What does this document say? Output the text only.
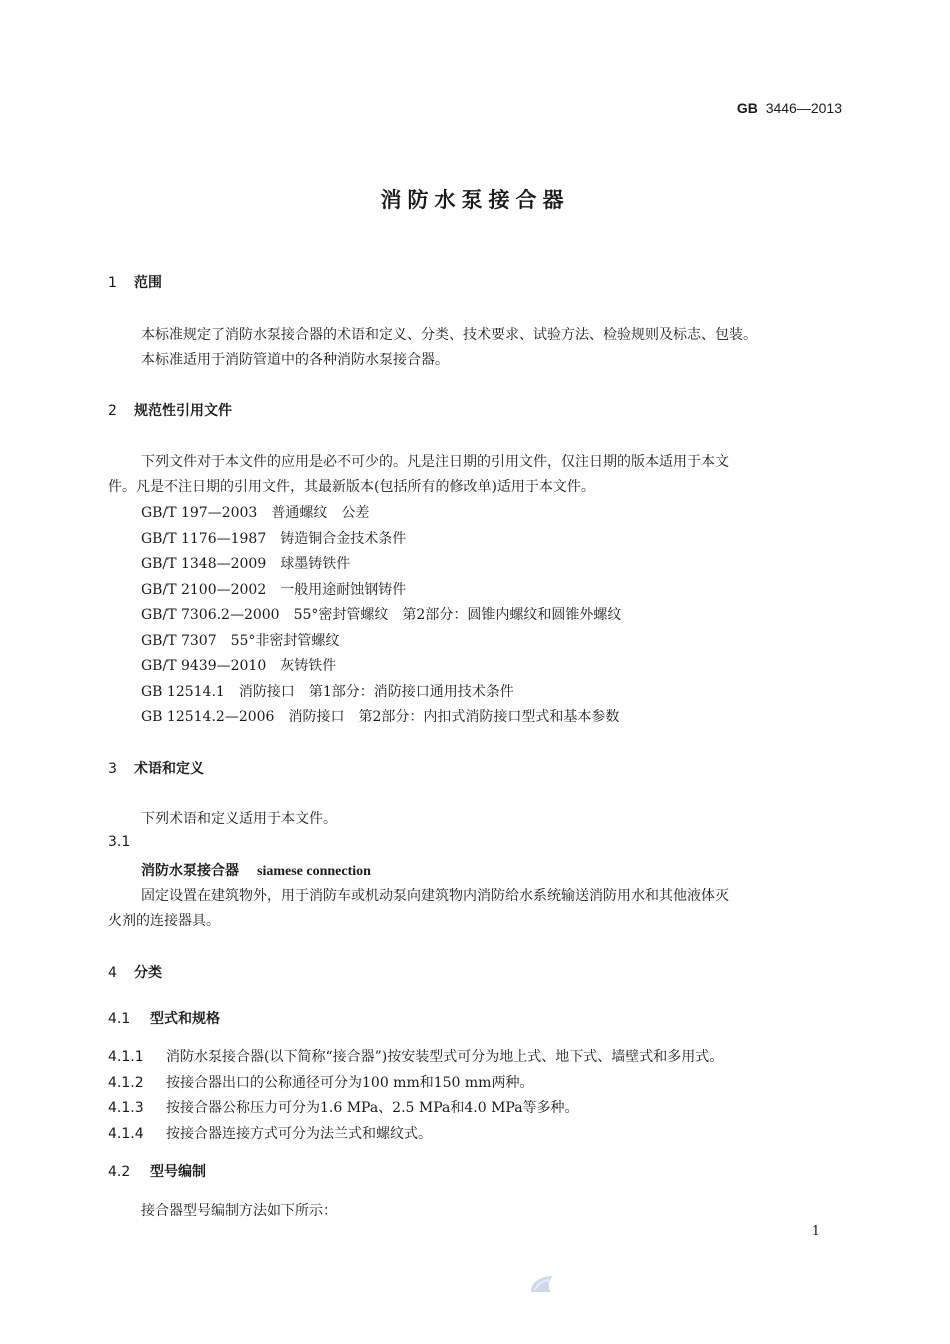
GB 3446—2013
消防水泵接合器
1 范围
本标准规定了消防水泵接合器的术语和定义、分类、技术要求、试验方法、检验规则及标志、包装。
本标准适用于消防管道中的各种消防水泵接合器。
2 规范性引用文件
下列文件对于本文件的应用是必不可少的。凡是注日期的引用文件，仅注日期的版本适用于本文
件。凡是不注日期的引用文件，其最新版本(包括所有的修改单)适用于本文件。
GB/T 197—2003　 普通螺纹　公差
GB/T 1176—1987　 铸造铜合金技术条件
GB/T 1348—2009　 球墨铸铁件
GB/T 2100—2002　 一般用途耐蚀钢铸件
GB/T 7306.2—2000　 55°密封管螺纹　第2部分：圆锥内螺纹和圆锥外螺纹
GB/T 7307　 55°非密封管螺纹
GB/T 9439—2010　 灰铸铁件
GB 12514.1　 消防接口　第1部分：消防接口通用技术条件
GB 12514.2—2006　 消防接口　第2部分：内扣式消防接口型式和基本参数
3 术语和定义
下列术语和定义适用于本文件。
3.1
消防水泵接合器 siamese connection
固定设置在建筑物外，用于消防车或机动泵向建筑物内消防给水系统输送消防用水和其他液体灭
火剂的连接器具。
4 分类
4.1 型式和规格
4.1.1 消防水泵接合器(以下简称“接合器”)按安装型式可分为地上式、地下式、墙壁式和多用式。
4.1.2 按接合器出口的公称通径可分为100 mm和150 mm两种。
4.1.3 按接合器公称压力可分为1.6 MPa、2.5 MPa和4.0 MPa等多种。
4.1.4 按接合器连接方式可分为法兰式和螺纹式。
4.2 型号编制
接合器型号编制方法如下所示：
1
